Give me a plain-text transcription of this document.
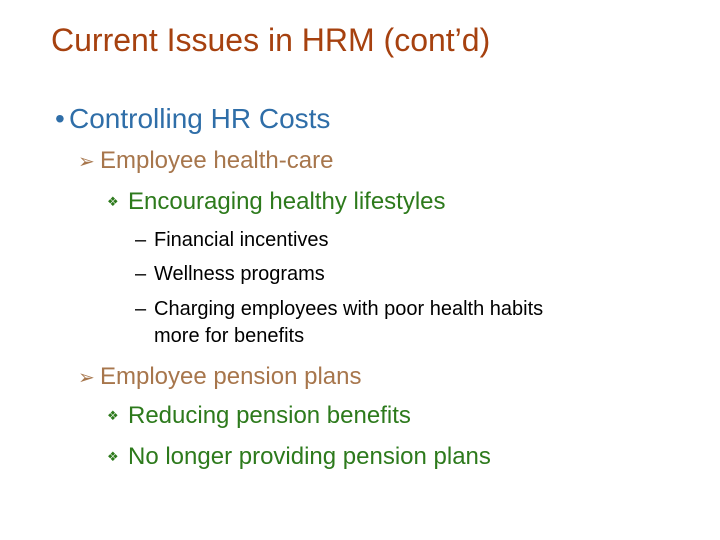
Current Issues in HRM (cont’d)
• Controlling HR Costs
➢ Employee health-care
❖ Encouraging healthy lifestyles
– Financial incentives
– Wellness programs
– Charging employees with poor health habits
more for benefits
➢ Employee pension plans
❖ Reducing pension benefits
❖ No longer providing pension plans
